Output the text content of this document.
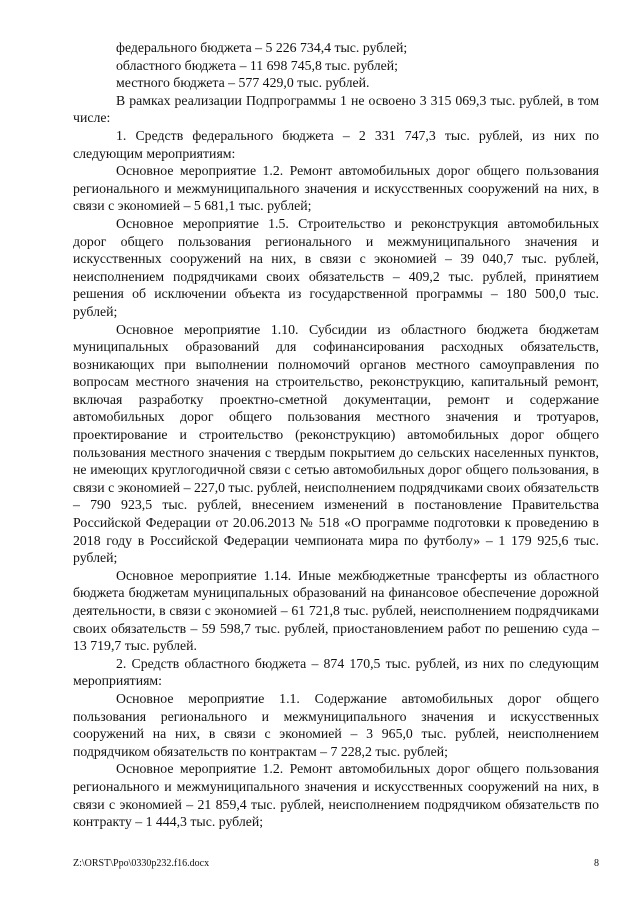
федерального бюджета – 5 226 734,4 тыс. рублей;

областного бюджета – 11 698 745,8 тыс. рублей;

местного бюджета – 577 429,0 тыс. рублей.

В рамках реализации Подпрограммы 1 не освоено 3 315 069,3 тыс. рублей, в том числе:

1. Средств федерального бюджета – 2 331 747,3 тыс. рублей, из них по следующим мероприятиям:

Основное мероприятие 1.2. Ремонт автомобильных дорог общего пользования регионального и межмуниципального значения и искусственных сооружений на них, в связи с экономией – 5 681,1 тыс. рублей;

Основное мероприятие 1.5. Строительство и реконструкция автомобильных дорог общего пользования регионального и межмуниципального значения и искусственных сооружений на них, в связи с экономией – 39 040,7 тыс. рублей, неисполнением подрядчиками своих обязательств – 409,2 тыс. рублей, принятием решения об исключении объекта из государственной программы – 180 500,0 тыс. рублей;

Основное мероприятие 1.10. Субсидии из областного бюджета бюджетам муниципальных образований для софинансирования расходных обязательств, возникающих при выполнении полномочий органов местного самоуправления по вопросам местного значения на строительство, реконструкцию, капитальный ремонт, включая разработку проектно-сметной документации, ремонт и содержание автомобильных дорог общего пользования местного значения и тротуаров, проектирование и строительство (реконструкцию) автомобильных дорог общего пользования местного значения с твердым покрытием до сельских населенных пунктов, не имеющих круглогодичной связи с сетью автомобильных дорог общего пользования, в связи с экономией – 227,0 тыс. рублей, неисполнением подрядчиками своих обязательств – 790 923,5 тыс. рублей, внесением изменений в постановление Правительства Российской Федерации от 20.06.2013 № 518 «О программе подготовки к проведению в 2018 году в Российской Федерации чемпионата мира по футболу» – 1 179 925,6 тыс. рублей;

Основное мероприятие 1.14. Иные межбюджетные трансферты из областного бюджета бюджетам муниципальных образований на финансовое обеспечение дорожной деятельности, в связи с экономией – 61 721,8 тыс. рублей, неисполнением подрядчиками своих обязательств – 59 598,7 тыс. рублей, приостановлением работ по решению суда – 13 719,7 тыс. рублей.

2. Средств областного бюджета – 874 170,5 тыс. рублей, из них по следующим мероприятиям:

Основное мероприятие 1.1. Содержание автомобильных дорог общего пользования регионального и межмуниципального значения и искусственных сооружений на них, в связи с экономией – 3 965,0 тыс. рублей, неисполнением подрядчиком обязательств по контрактам – 7 228,2 тыс. рублей;

Основное мероприятие 1.2. Ремонт автомобильных дорог общего пользования регионального и межмуниципального значения и искусственных сооружений на них, в связи с экономией – 21 859,4 тыс. рублей, неисполнением подрядчиком обязательств по контракту – 1 444,3 тыс. рублей;

Z:\ORST\Ppo\0330p232.f16.docx	8
